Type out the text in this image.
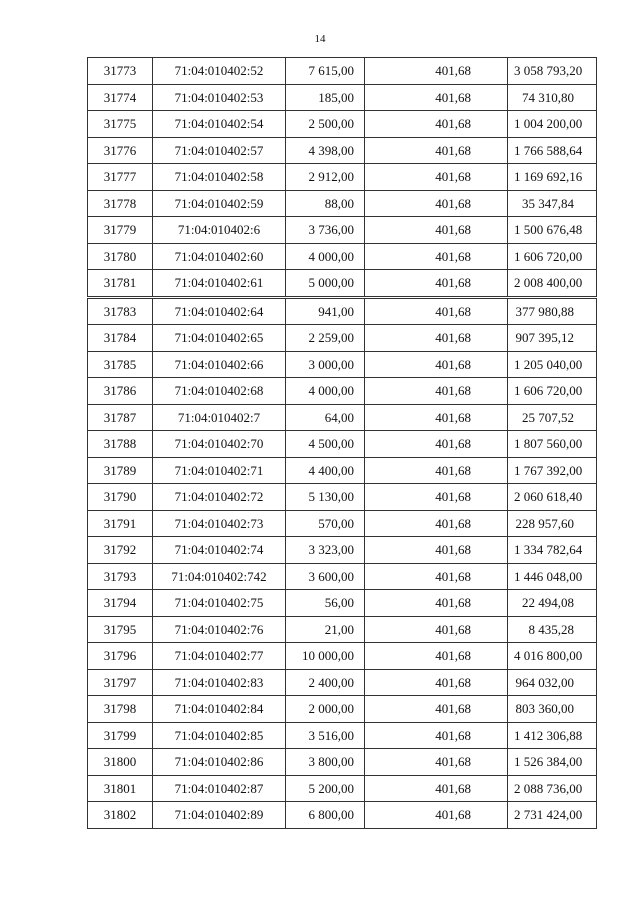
14
31773	71:04:010402:52	7 615,00	401,68	3 058 793,20
31774	71:04:010402:53	185,00	401,68	74 310,80
31775	71:04:010402:54	2 500,00	401,68	1 004 200,00
31776	71:04:010402:57	4 398,00	401,68	1 766 588,64
31777	71:04:010402:58	2 912,00	401,68	1 169 692,16
31778	71:04:010402:59	88,00	401,68	35 347,84
31779	71:04:010402:6	3 736,00	401,68	1 500 676,48
31780	71:04:010402:60	4 000,00	401,68	1 606 720,00
31781	71:04:010402:61	5 000,00	401,68	2 008 400,00
31783	71:04:010402:64	941,00	401,68	377 980,88
31784	71:04:010402:65	2 259,00	401,68	907 395,12
31785	71:04:010402:66	3 000,00	401,68	1 205 040,00
31786	71:04:010402:68	4 000,00	401,68	1 606 720,00
31787	71:04:010402:7	64,00	401,68	25 707,52
31788	71:04:010402:70	4 500,00	401,68	1 807 560,00
31789	71:04:010402:71	4 400,00	401,68	1 767 392,00
31790	71:04:010402:72	5 130,00	401,68	2 060 618,40
31791	71:04:010402:73	570,00	401,68	228 957,60
31792	71:04:010402:74	3 323,00	401,68	1 334 782,64
31793	71:04:010402:742	3 600,00	401,68	1 446 048,00
31794	71:04:010402:75	56,00	401,68	22 494,08
31795	71:04:010402:76	21,00	401,68	8 435,28
31796	71:04:010402:77	10 000,00	401,68	4 016 800,00
31797	71:04:010402:83	2 400,00	401,68	964 032,00
31798	71:04:010402:84	2 000,00	401,68	803 360,00
31799	71:04:010402:85	3 516,00	401,68	1 412 306,88
31800	71:04:010402:86	3 800,00	401,68	1 526 384,00
31801	71:04:010402:87	5 200,00	401,68	2 088 736,00
31802	71:04:010402:89	6 800,00	401,68	2 731 424,00
